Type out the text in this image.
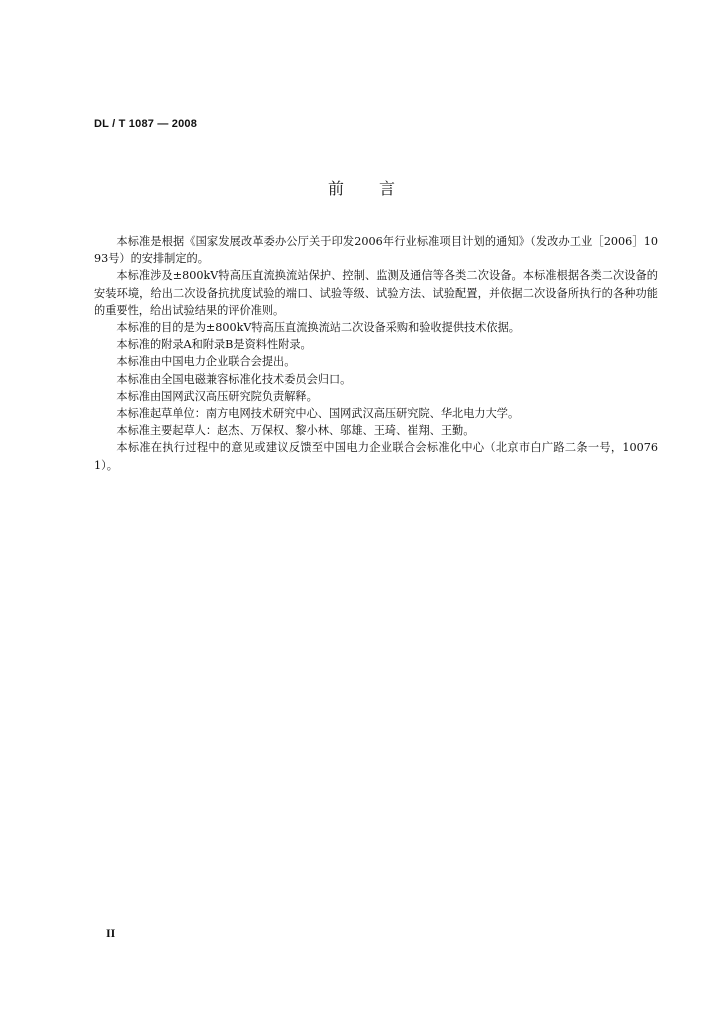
DL / T 1087 — 2008
前　　言

本标准是根据《国家发展改革委办公厅关于印发2006年行业标准项目计划的通知》（发改办工业［2006］1093号）的安排制定的。

本标准涉及±800kV特高压直流换流站保护、控制、监测及通信等各类二次设备。本标准根据各类二次设备的安装环境，给出二次设备抗扰度试验的端口、试验等级、试验方法、试验配置，并依据二次设备所执行的各种功能的重要性，给出试验结果的评价准则。

本标准的目的是为±800kV特高压直流换流站二次设备采购和验收提供技术依据。

本标准的附录A和附录B是资料性附录。

本标准由中国电力企业联合会提出。

本标准由全国电磁兼容标准化技术委员会归口。

本标准由国网武汉高压研究院负责解释。

本标准起草单位：南方电网技术研究中心、国网武汉高压研究院、华北电力大学。

本标准主要起草人：赵杰、万保权、黎小林、邬雄、王琦、崔翔、王勤。

本标准在执行过程中的意见或建议反馈至中国电力企业联合会标准化中心（北京市白广路二条一号，100761）。

II
